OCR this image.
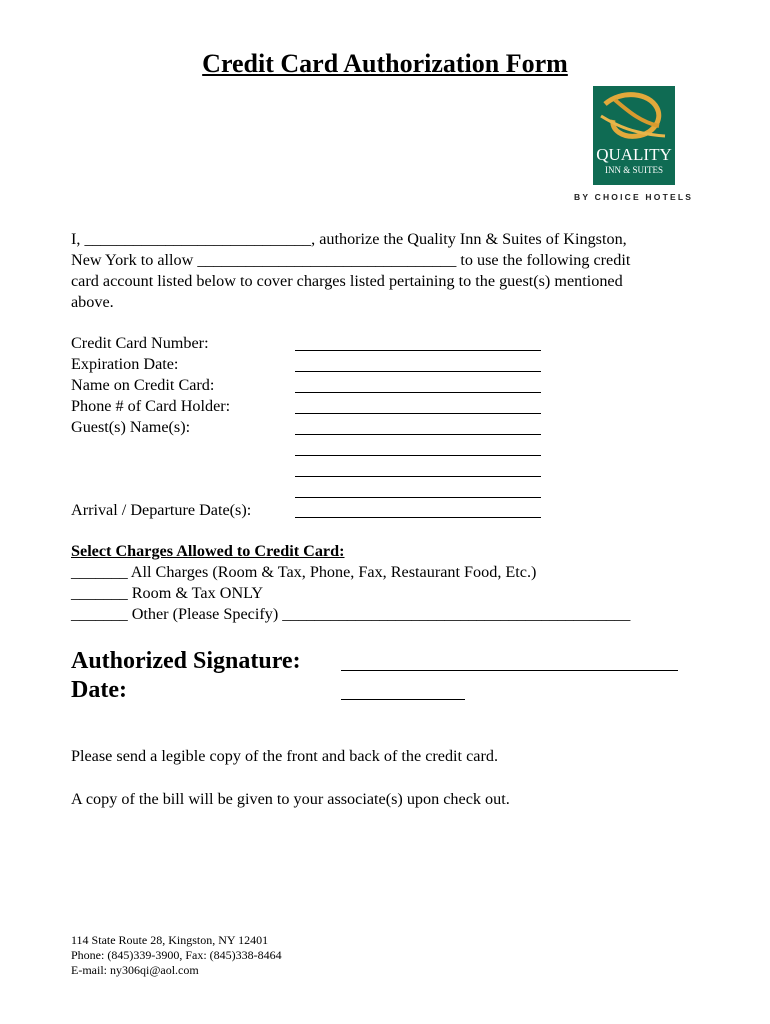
Credit Card Authorization Form
QUALITY
INN & SUITES
BY CHOICE HOTELS
I, ____________________________, authorize the Quality Inn & Suites of Kingston,
New York to allow ________________________________ to use the following credit
card account listed below to cover charges listed pertaining to the guest(s) mentioned
above.
Credit Card Number:
Expiration Date:
Name on Credit Card:
Phone # of Card Holder:
Guest(s) Name(s):
Arrival / Departure Date(s):
Select Charges Allowed to Credit Card:
_______ All Charges (Room & Tax, Phone, Fax, Restaurant Food, Etc.)
_______ Room & Tax ONLY
_______ Other (Please Specify) ___________________________________________
Authorized Signature:
Date:
Please send a legible copy of the front and back of the credit card.
A copy of the bill will be given to your associate(s) upon check out.
114 State Route 28, Kingston, NY 12401
Phone: (845)339-3900, Fax: (845)338-8464
E-mail: ny306qi@aol.com
